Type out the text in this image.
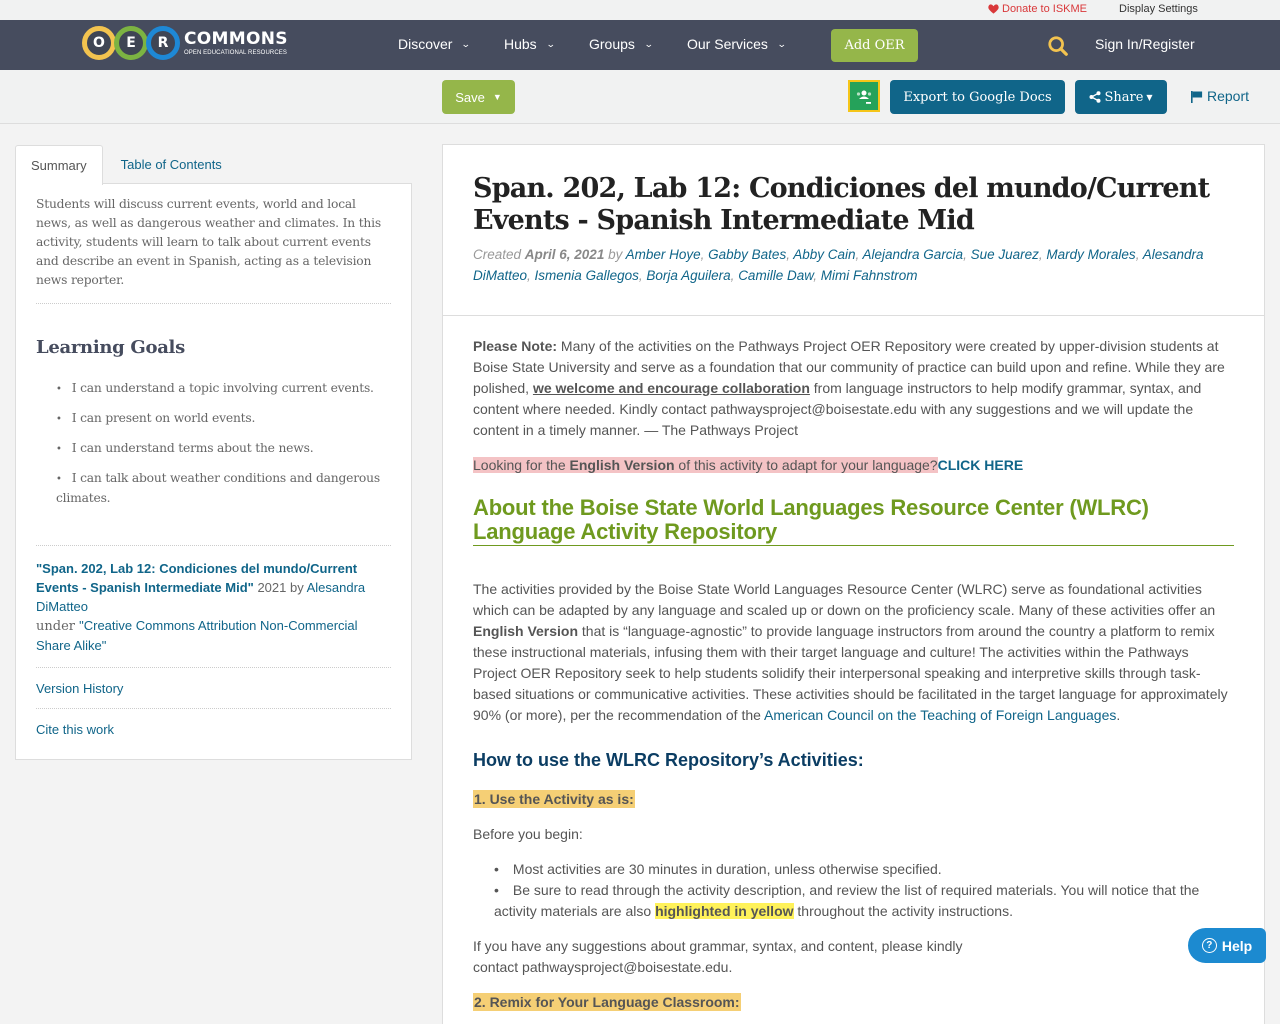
Donate to ISKME	Display Settings
O	E	R COMMONS
OPEN EDUCATIONAL RESOURCES
Discover ⌄ Hubs ⌄ Groups ⌄ Our Services ⌄	Add OER	Sign In/Register
Save ▼	Export to Google Docs	Share ▼	Report
Summary	Table of Contents

Students will discuss current events, world and local news, as well as dangerous weather and climates. In this activity, students will learn to talk about current events and describe an event in Spanish, acting as a television news reporter.

Learning Goals
• I can understand a topic involving current events.
• I can present on world events.
• I can understand terms about the news.
• I can talk about weather conditions and dangerous climates.
"Span. 202, Lab 12: Condiciones del mundo/Current Events - Spanish Intermediate Mid" 2021 by Alesandra DiMatteo
under "Creative Commons Attribution Non-Commercial Share Alike"
Version History
Cite this work
Span. 202, Lab 12: Condiciones del mundo/Current Events - Spanish Intermediate Mid
Created April 6, 2021 by Amber Hoye, Gabby Bates, Abby Cain, Alejandra Garcia, Sue Juarez, Mardy Morales, Alesandra DiMatteo, Ismenia Gallegos, Borja Aguilera, Camille Daw, Mimi Fahnstrom

Please Note: Many of the activities on the Pathways Project OER Repository were created by upper-division students at Boise State University and serve as a foundation that our community of practice can build upon and refine. While they are polished, we welcome and encourage collaboration from language instructors to help modify grammar, syntax, and content where needed. Kindly contact pathwaysproject@boisestate.edu with any suggestions and we will update the content in a timely manner. — The Pathways Project

Looking for the English Version of this activity to adapt for your language?CLICK HERE

About the Boise State World Languages Resource Center (WLRC) Language Activity Repository

The activities provided by the Boise State World Languages Resource Center (WLRC) serve as foundational activities which can be adapted by any language and scaled up or down on the proficiency scale. Many of these activities offer an English Version that is “language-agnostic” to provide language instructors from around the country a platform to remix these instructional materials, infusing them with their target language and culture! The activities within the Pathways Project OER Repository seek to help students solidify their interpersonal speaking and interpretive skills through task-based situations or communicative activities. These activities should be facilitated in the target language for approximately 90% (or more), per the recommendation of the American Council on the Teaching of Foreign Languages.

How to use the WLRC Repository’s Activities:

1. Use the Activity as is:

Before you begin:

• Most activities are 30 minutes in duration, unless otherwise specified.
• Be sure to read through the activity description, and review the list of required materials. You will notice that the activity materials are also highlighted in yellow throughout the activity instructions.

If you have any suggestions about grammar, syntax, and content, please kindly
contact pathwaysproject@boisestate.edu.

2. Remix for Your Language Classroom:

? Help
